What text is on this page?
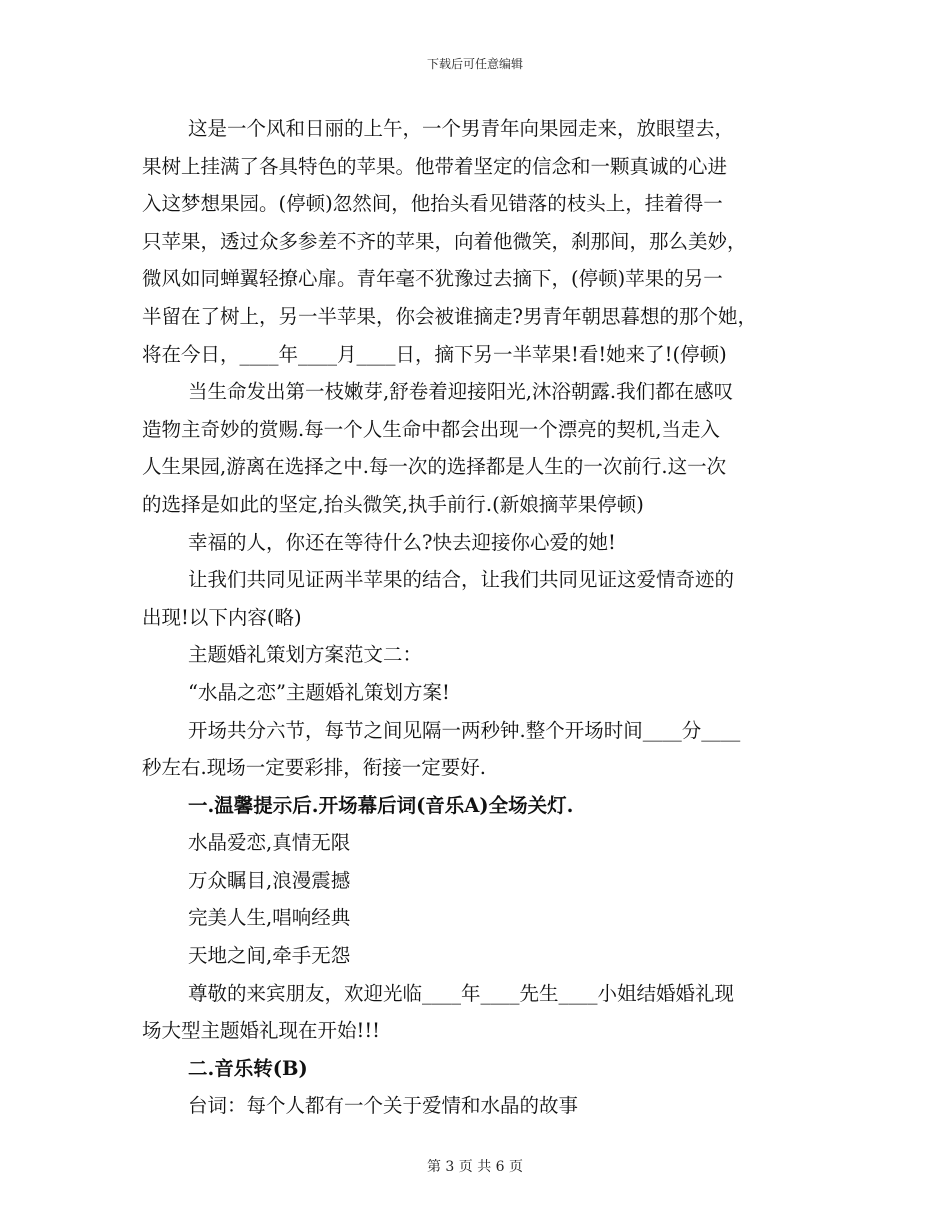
下载后可任意编辑
这是一个风和日丽的上午，一个男青年向果园走来，放眼望去，
果树上挂满了各具特色的苹果。他带着坚定的信念和一颗真诚的心进
入这梦想果园。(停顿)忽然间，他抬头看见错落的枝头上，挂着得一
只苹果，透过众多参差不齐的苹果，向着他微笑，刹那间，那么美妙，
微风如同蝉翼轻撩心扉。青年毫不犹豫过去摘下，(停顿)苹果的另一
半留在了树上，另一半苹果，你会被谁摘走?男青年朝思暮想的那个她，
将在今日，____年____月____日，摘下另一半苹果!看!她来了!(停顿)
当生命发出第一枝嫩芽,舒卷着迎接阳光,沐浴朝露.我们都在感叹
造物主奇妙的赏赐.每一个人生命中都会出现一个漂亮的契机,当走入
人生果园,游离在选择之中.每一次的选择都是人生的一次前行.这一次
的选择是如此的坚定,抬头微笑,执手前行.(新娘摘苹果停顿)
幸福的人，你还在等待什么?快去迎接你心爱的她!
让我们共同见证两半苹果的结合，让我们共同见证这爱情奇迹的
出现!以下内容(略)
主题婚礼策划方案范文二：
“水晶之恋”主题婚礼策划方案!
开场共分六节，每节之间见隔一两秒钟.整个开场时间____分____
秒左右.现场一定要彩排，衔接一定要好.
一.温馨提示后.开场幕后词(音乐A)全场关灯.
水晶爱恋,真情无限
万众瞩目,浪漫震撼
完美人生,唱响经典
天地之间,牵手无怨
尊敬的来宾朋友，欢迎光临____年____先生____小姐结婚婚礼现
场大型主题婚礼现在开始!!!
二.音乐转(B)
台词：每个人都有一个关于爱情和水晶的故事
第 3 页 共 6 页
